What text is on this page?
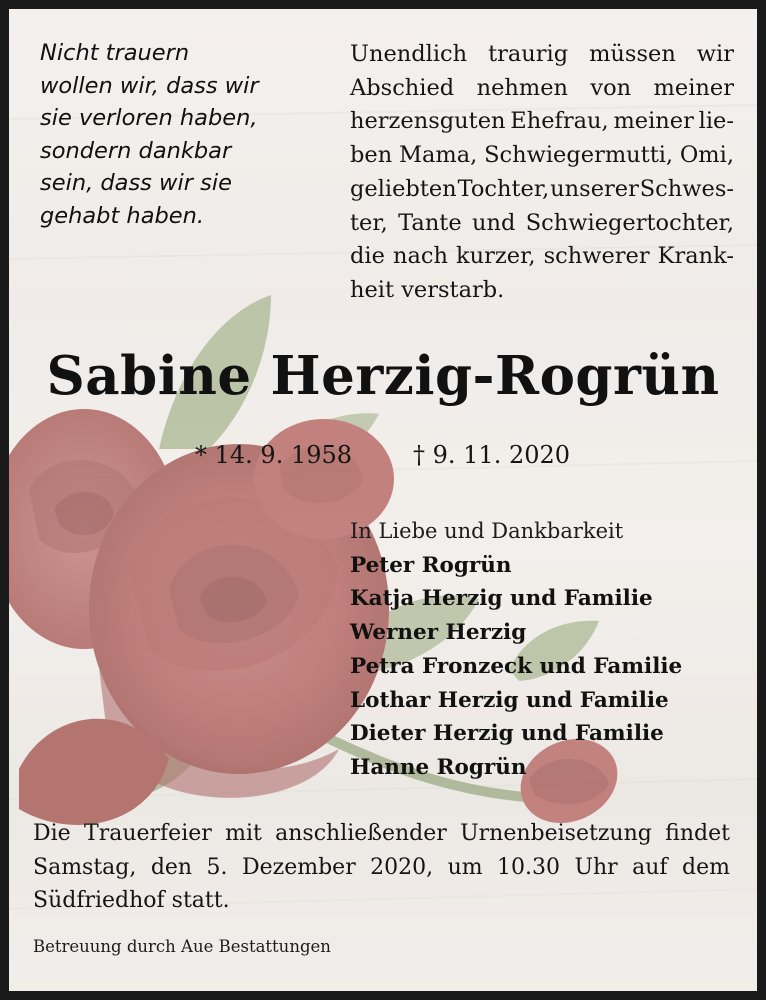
Nicht trauern
wollen wir, dass wir
sie verloren haben,
sondern dankbar
sein, dass wir sie
gehabt haben.
Unendlich traurig müssen wir
Abschied nehmen von meiner
herzensguten Ehefrau, meiner lie-
ben Mama, Schwiegermutti, Omi,
geliebten Tochter, unserer Schwes-
ter, Tante und Schwiegertochter,
die nach kurzer, schwerer Krank-
heit verstarb.
Sabine Herzig-Rogrün
* 14. 9. 1958	† 9. 11. 2020
In Liebe und Dankbarkeit
Peter Rogrün
Katja Herzig und Familie
Werner Herzig
Petra Fronzeck und Familie
Lothar Herzig und Familie
Dieter Herzig und Familie
Hanne Rogrün
Die Trauerfeier mit anschließender Urnenbeisetzung findet
Samstag, den 5. Dezember 2020, um 10.30 Uhr auf dem
Südfriedhof statt.
Betreuung durch Aue Bestattungen
